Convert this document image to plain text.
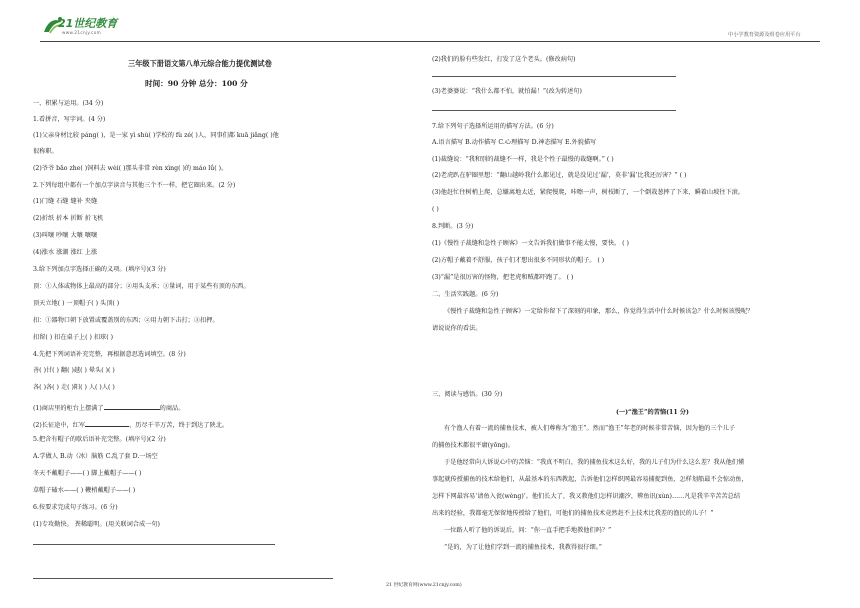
21世纪教育
www.21cnjy.com	中小学教育资源及组卷应用平台
三年级下册语文第八单元综合能力提优测试卷
时间：90 分钟 总分：100 分
一、积累与运用。(34 分)
1.看拼音，写字词。(4 分)
(1)父亲身材比较 páng( )，是一家 yì shù( )学校的 fù zé( )人，同事们都 kuā jiǎng( )他
很称职。
(2)爷爷 bāo zhe( )饲料去 wèi( )那头非常 rèn xìng( )的 máo lǘ( )。
2.下列每组中都有一个加点字读音与其他三个不一样，把它圈出来。(2 分)
(1)门缝 石缝 缝补 夹缝
(2)折纸 折本 折断 折飞机
(3)叫嚷 吵嚷 大嚷 嚷嚷
(4)涨水 涨潮 涨红 上涨
3.给下列加点字选择正确的义项。(填序号)(3 分)
顶：①人体或物体上最高的部分；②用头支承；③量词，用于某些有顶的东西。
顶天立地( ) 一顶帽子( ) 头顶( )
扣：①器物口朝下放置或覆盖别的东西；②用力朝下击打；③扣押。
扣留( ) 扣在桌子上( ) 扣球( )
4.先把下列词语补充完整，再根据意思选词填空。(8 分)
善( )甘( ) 翻( )越( ) 晕头( )( )
各( )各( ) 走( )阳( ) 人( )人( )
(1)商店里的柜台上摆满了	的商品。
(2)长征途中，红军	，历尽千辛万苦，终于到达了陕北。
5.把含有帽子的歇后语补充完整。(填序号)(2 分)
A.学做人 B.动（冰）脑筋 C.乱了套 D.一场空
冬天不戴帽子——( ) 脚上戴帽子——( )
草帽子磕水——( ) 鞭梢戴帽子——( )
6.按要求完成句子练习。(6 分)
(1)专攻勤快。 粪稀聪明。(用关联词合成一句)
(2)我们的脸有些发红，打发了这个老头。(修改病句)
(3)老婆婆说：“我什么都不怕，就怕漏！”(改为转述句)
7.给下列句子选择所运用的描写方法。(6 分)
A.语言描写 B.动作描写 C.心理描写 D.神态描写 E.外貌描写
(1)裁缝说：“我和别的裁缝不一样，我是个性子最慢的裁缝啊。” ( )
(2)老虎趴在驴圈里想：“翻山越岭我什么都见过，就是没见过‘漏’，莫非‘漏’比我还厉害？” ( )
(3)他赶忙往树梢上爬，总嫌离地太近，紧爬慢爬，咔嚓一声，树枝断了，一个倒栽葱摔了下来，瞬着山坡往下滚。
( )
8.判断。(3 分)
(1)《慢性子裁缝和急性子顾客》一文告诉我们做事不能太慢，要快。 ( )
(2)方帽子戴着不舒服，孩子们才想出很多不同形状的帽子。 ( )
(3)“漏”是很厉害的怪物，把老虎和贼都吓跑了。 ( )
二、生活实践题。(6 分)
《慢性子裁缝和急性子顾客》一定给你留下了深刻的印象，那么，你觉得生活中什么时候该急？什么时候该慢呢？
请说说你的看法。
三、阅读与感悟。(30 分)
(一)“渔王”的苦恼(11 分)
有个渔人有着一流的捕鱼技术，被人们尊称为“渔王”。然而“渔王”年老的时候非常苦恼，因为他的三个儿子
的捕鱼技术都很平庸(yōng)。
于是他经常向人诉说心中的苦恼：“我真不明白，我的捕鱼技术这么好，我的儿子们为什么这么差？我从他们懂
事起就传授捕鱼的技术给他们，从最基本的东西教起，告诉他们怎样织网最容易捕捉到鱼，怎样划船最不会惊动鱼，
怎样下网最容易‘请鱼入瓮(wèng)’。他们长大了，我又教他们怎样识潮汐，辨鱼讯(xùn)……凡是我辛辛苦苦总结
出来的经验，我都毫无保留地传授给了他们，可他们的捕鱼技术竟然赶不上技术比我差的渔民的儿子！”
一位路人听了他的诉说后，问：“你一直手把手地教他们吗？”
“是的，为了让他们学到一流的捕鱼技术，我教得很仔细。”
21 世纪教育网(www.21cnjy.com)
